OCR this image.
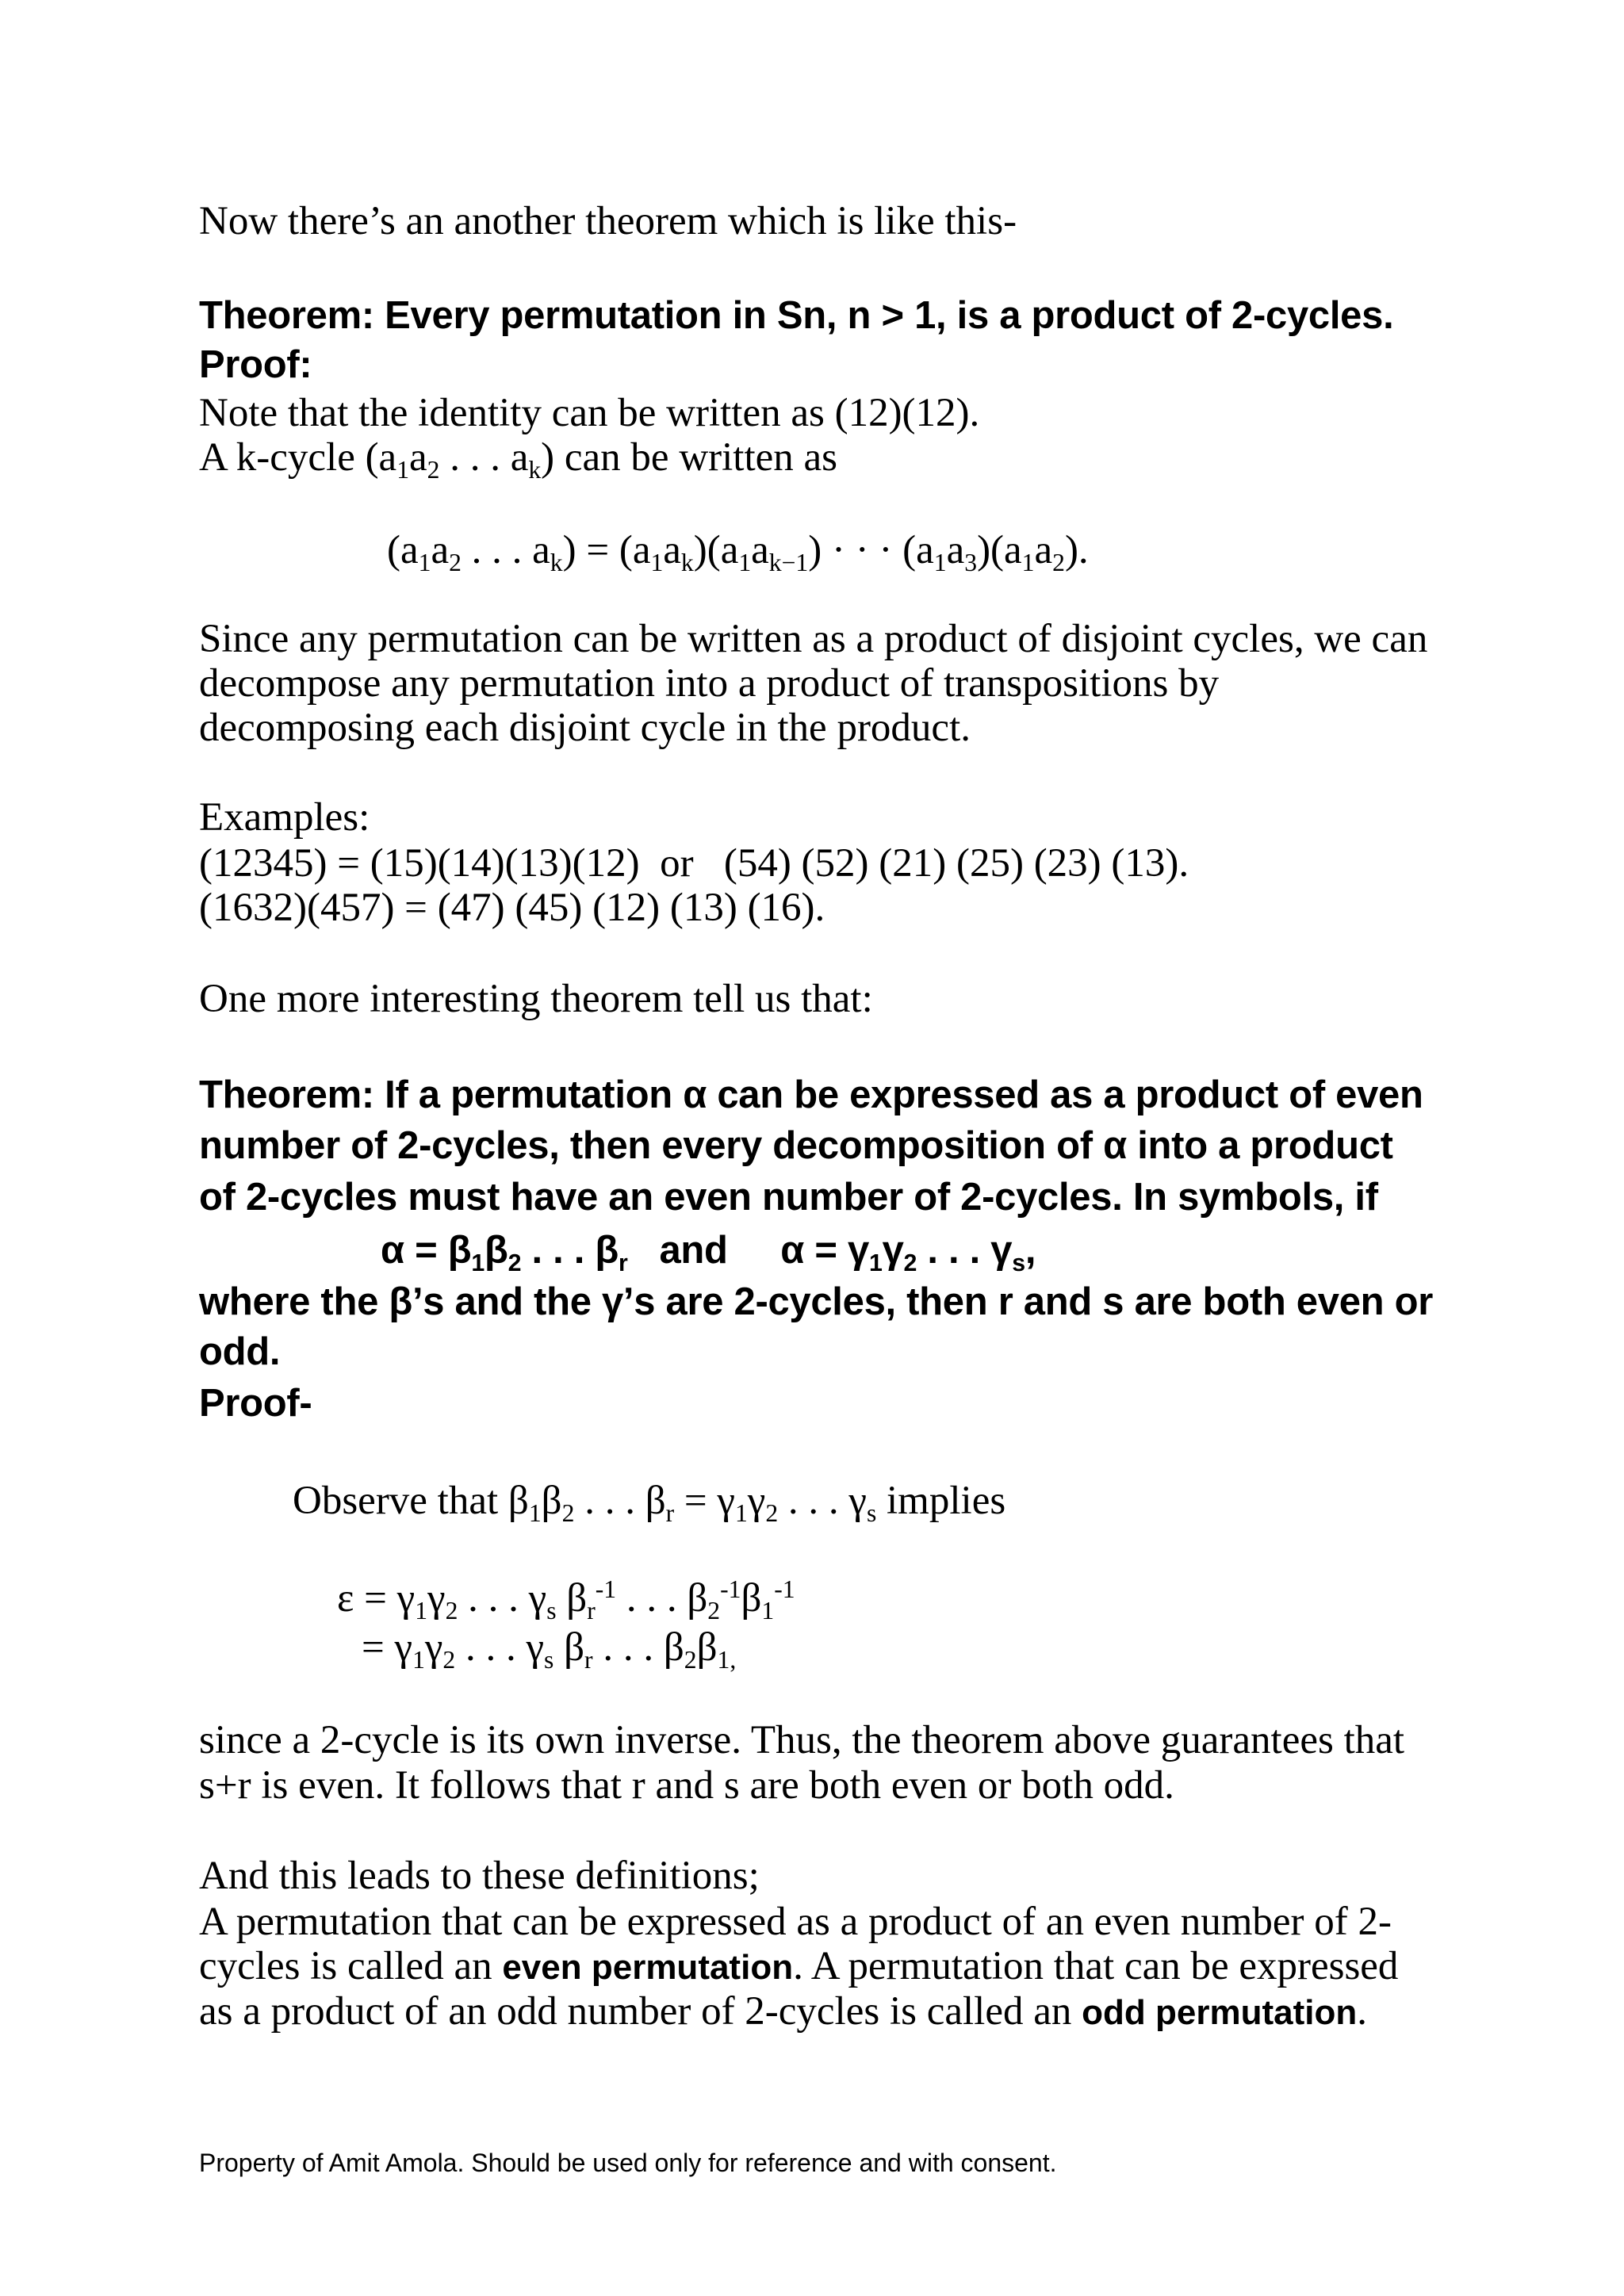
Now there’s an another theorem which is like this-
Theorem: Every permutation in Sn, n > 1, is a product of 2-cycles.
Proof:
Note that the identity can be written as (12)(12).
A k-cycle (a 1 a 2 . . . a k ) can be written as
(a 1 a 2 . . . a k ) = (a 1 a k )(a 1 a k−1 ) · · · (a 1 a 3 )(a 1 a 2 ).
Since any permutation can be written as a product of disjoint cycles, we can
decompose any permutation into a product of transpositions by
decomposing each disjoint cycle in the product.
Examples:
(12345) = (15)(14)(13)(12)  or   (54) (52) (21) (25) (23) (13).
(1632)(457) = (47) (45) (12) (13) (16).
One more interesting theorem tell us that:
Theorem: If a permutation α can be expressed as a product of even
number of 2-cycles, then every decomposition of α into a product
of 2-cycles must have an even number of 2-cycles. In symbols, if
α = β 1 β 2 . . . β r and     α = γ 1 γ 2 . . . γ s ,
where the β’s and the γ’s are 2-cycles, then r and s are both even or
odd.
Proof-
Observe that β 1 β 2 . . . β r = γ 1 γ 2 . . . γ s implies
ε = γ 1 γ 2 . . . γ s β r
-1 . . . β 2
-1 β 1
-1
= γ 1 γ 2 . . . γ s β r . . . β 2 β 1,
since a 2-cycle is its own inverse. Thus, the theorem above guarantees that
s+r is even. It follows that r and s are both even or both odd.
And this leads to these definitions;
A permutation that can be expressed as a product of an even number of 2-
cycles is called an even permutation . A permutation that can be expressed
as a product of an odd number of 2-cycles is called an odd permutation .
Property of Amit Amola. Should be used only for reference and with consent.
